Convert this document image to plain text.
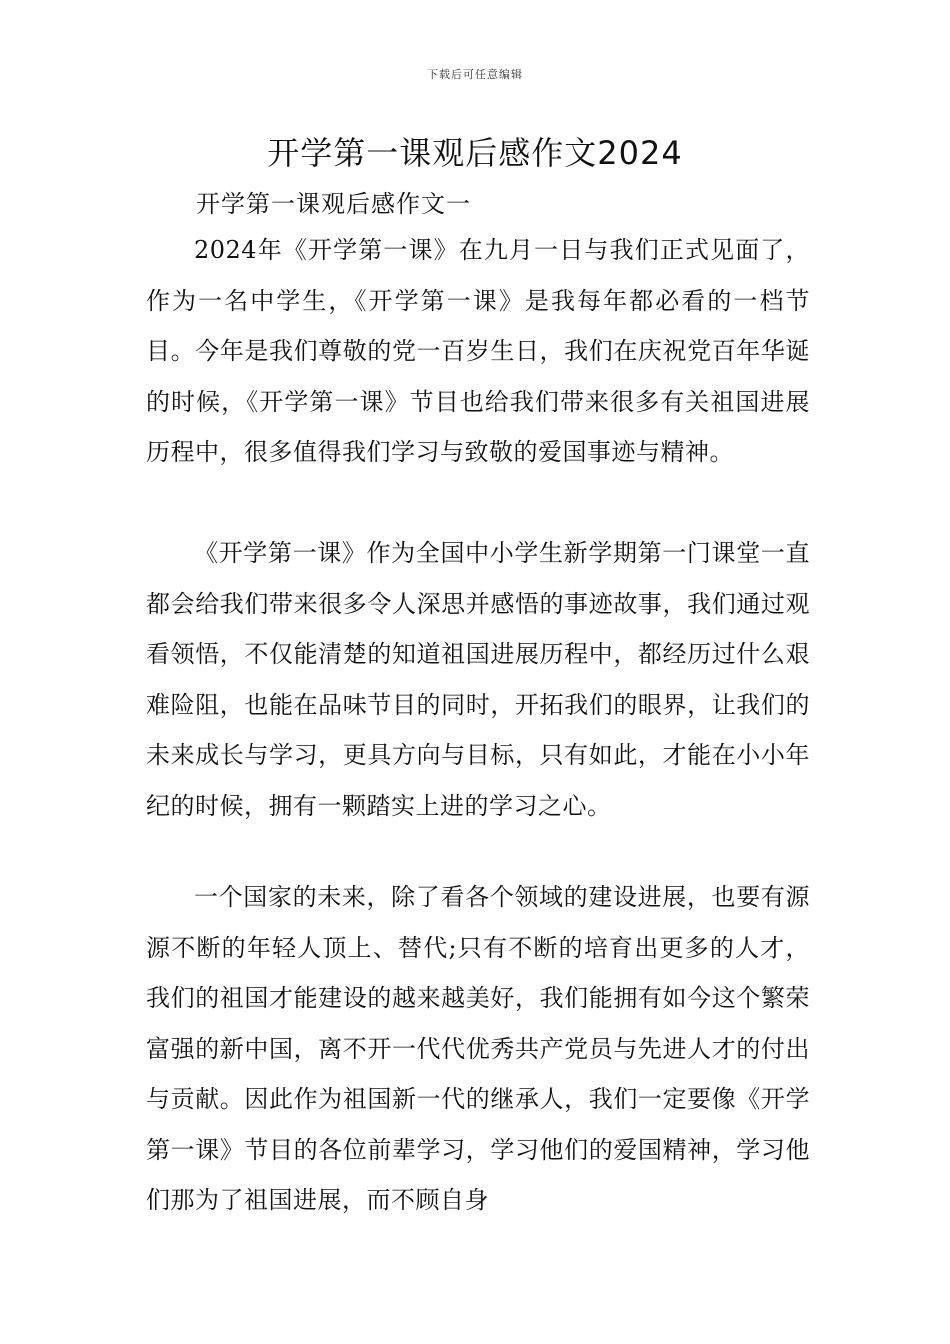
下载后可任意编辑
开学第一课观后感作文2024
开学第一课观后感作文一

2024年《开学第一课》在九月一日与我们正式见面了，作为一名中学生，《开学第一课》是我每年都必看的一档节目。今年是我们尊敬的党一百岁生日，我们在庆祝党百年华诞的时候，《开学第一课》节目也给我们带来很多有关祖国进展历程中，很多值得我们学习与致敬的爱国事迹与精神。

《开学第一课》作为全国中小学生新学期第一门课堂一直都会给我们带来很多令人深思并感悟的事迹故事，我们通过观看领悟，不仅能清楚的知道祖国进展历程中，都经历过什么艰难险阻，也能在品味节目的同时，开拓我们的眼界，让我们的未来成长与学习，更具方向与目标，只有如此，才能在小小年纪的时候，拥有一颗踏实上进的学习之心。

一个国家的未来，除了看各个领域的建设进展，也要有源源不断的年轻人顶上、替代;只有不断的培育出更多的人才，我们的祖国才能建设的越来越美好，我们能拥有如今这个繁荣富强的新中国，离不开一代代优秀共产党员与先进人才的付出与贡献。因此作为祖国新一代的继承人，我们一定要像《开学第一课》节目的各位前辈学习，学习他们的爱国精神，学习他们那为了祖国进展，而不顾自身
